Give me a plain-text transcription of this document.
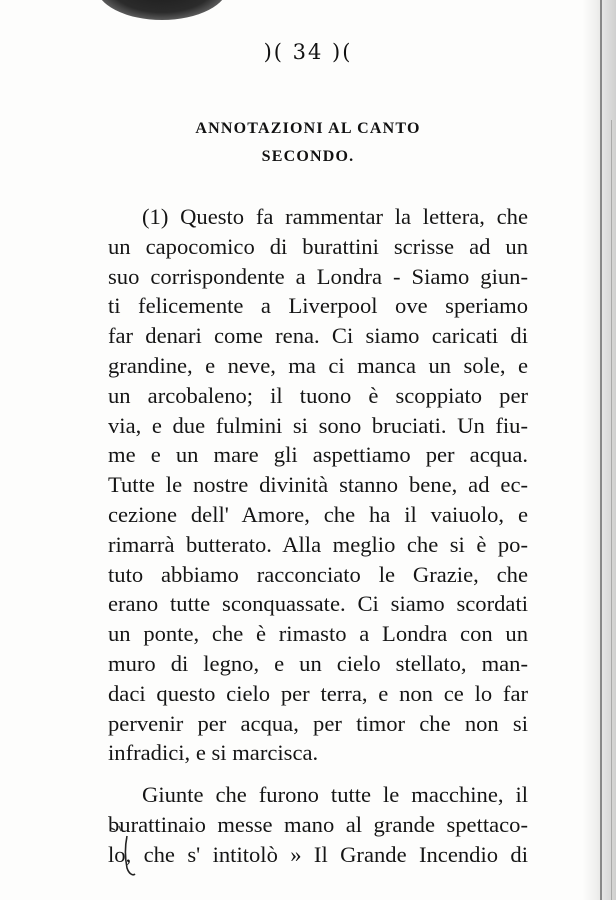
)( 34 )(
ANNOTAZIONI AL CANTO
SECONDO.
(1) Questo fa rammentar la lettera, che
un capocomico di burattini scrisse ad un
suo corrispondente a Londra - Siamo giun-
ti felicemente a Liverpool ove speriamo
far denari come rena. Ci siamo caricati di
grandine, e neve, ma ci manca un sole, e
un arcobaleno; il tuono è scoppiato per
via, e due fulmini si sono bruciati. Un fiu-
me e un mare gli aspettiamo per acqua.
Tutte le nostre divinità stanno bene, ad ec-
cezione dell' Amore, che ha il vaiuolo, e
rimarrà butterato. Alla meglio che si è po-
tuto abbiamo racconciato le Grazie, che
erano tutte sconquassate. Ci siamo scordati
un ponte, che è rimasto a Londra con un
muro di legno, e un cielo stellato, man-
daci questo cielo per terra, e non ce lo far
pervenir per acqua, per timor che non si
infradici, e si marcisca.
Giunte che furono tutte le macchine, il
burattinaio messe mano al grande spettaco-
lo, che s' intitolò » Il Grande Incendio di
